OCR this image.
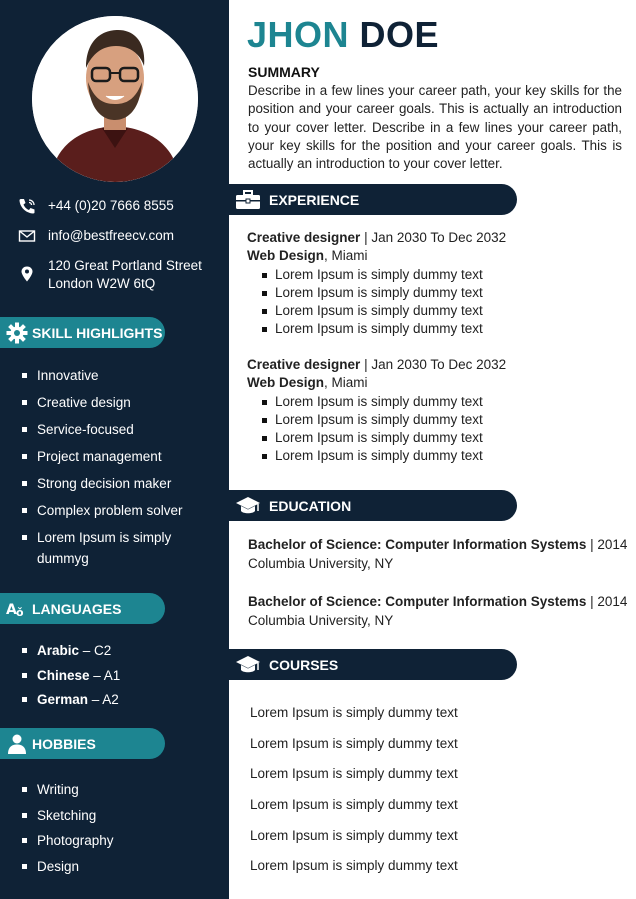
+44 (0)20 7666 8555
info@bestfreecv.com
120 Great Portland Street
London W2W 6tQ
SKILL HIGHLIGHTS
Innovative
Creative design
Service-focused
Project management
Strong decision maker
Complex problem solver
Lorem Ipsum is simply
dummyg
A ǒ LANGUAGES
Arabic – C2
Chinese – A1
German – A2
HOBBIES
Writing
Sketching
Photography
Design
JHON DOE
SUMMARY
Describe in a few lines your career path, your key skills for the position and your career goals. This is actually an introduction to your cover letter. Describe in a few lines your career path, your key skills for the position and your career goals. This is actually an introduction to your cover letter.
EXPERIENCE
Creative designer | Jan 2030 To Dec 2032
Web Design, Miami
Lorem Ipsum is simply dummy text
Lorem Ipsum is simply dummy text
Lorem Ipsum is simply dummy text
Lorem Ipsum is simply dummy text
Creative designer | Jan 2030 To Dec 2032
Web Design, Miami
Lorem Ipsum is simply dummy text
Lorem Ipsum is simply dummy text
Lorem Ipsum is simply dummy text
Lorem Ipsum is simply dummy text
EDUCATION
Bachelor of Science: Computer Information Systems | 2014
Columbia University, NY
Bachelor of Science: Computer Information Systems | 2014
Columbia University, NY
COURSES
Lorem Ipsum is simply dummy text
Lorem Ipsum is simply dummy text
Lorem Ipsum is simply dummy text
Lorem Ipsum is simply dummy text
Lorem Ipsum is simply dummy text
Lorem Ipsum is simply dummy text
